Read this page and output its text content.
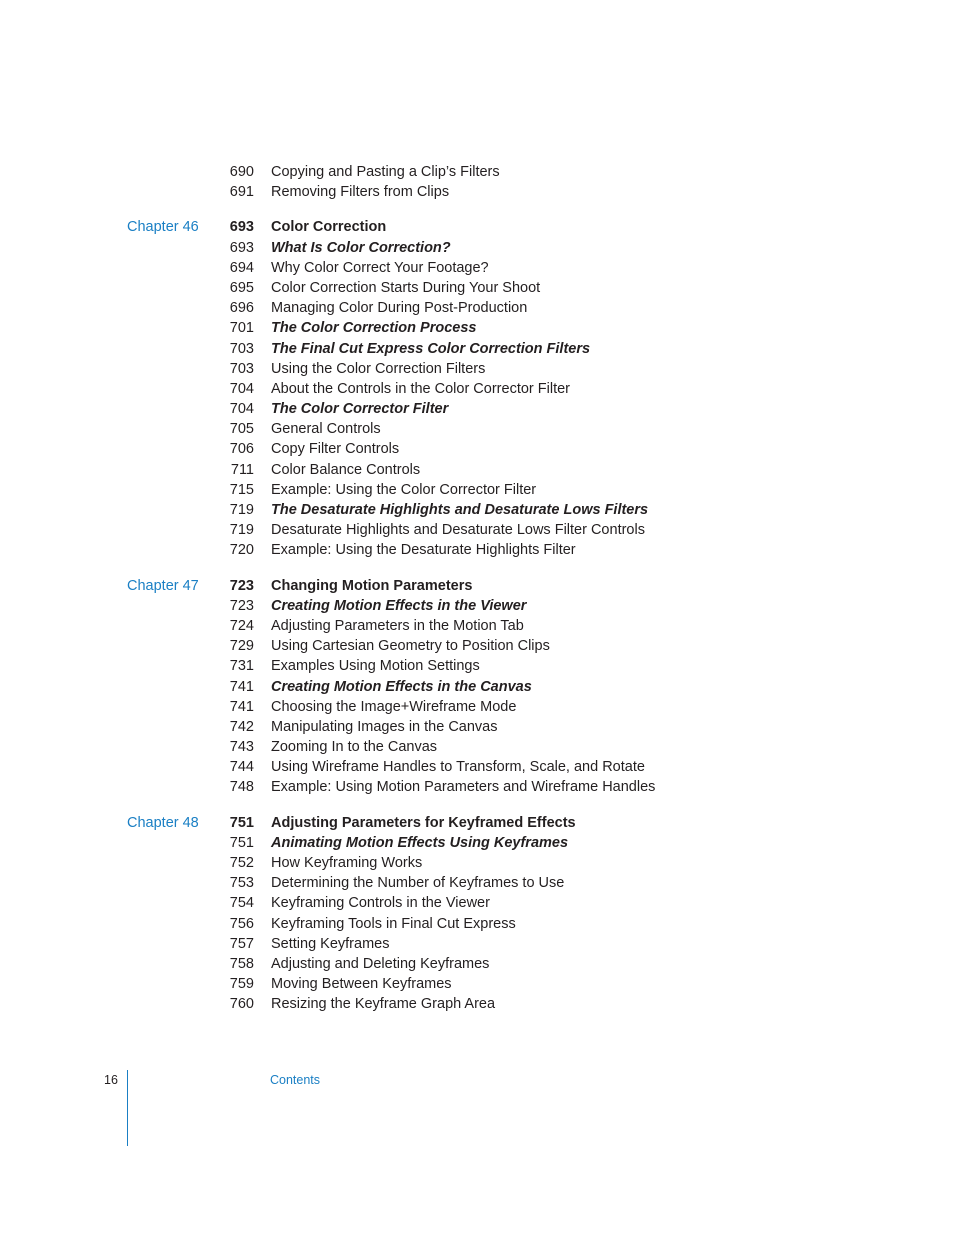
690 Copying and Pasting a Clip’s Filters
691 Removing Filters from Clips
Chapter 46 693 Color Correction
693 What Is Color Correction?
694 Why Color Correct Your Footage?
695 Color Correction Starts During Your Shoot
696 Managing Color During Post-Production
701 The Color Correction Process
703 The Final Cut Express Color Correction Filters
703 Using the Color Correction Filters
704 About the Controls in the Color Corrector Filter
704 The Color Corrector Filter
705 General Controls
706 Copy Filter Controls
711 Color Balance Controls
715 Example: Using the Color Corrector Filter
719 The Desaturate Highlights and Desaturate Lows Filters
719 Desaturate Highlights and Desaturate Lows Filter Controls
720 Example: Using the Desaturate Highlights Filter
Chapter 47 723 Changing Motion Parameters
723 Creating Motion Effects in the Viewer
724 Adjusting Parameters in the Motion Tab
729 Using Cartesian Geometry to Position Clips
731 Examples Using Motion Settings
741 Creating Motion Effects in the Canvas
741 Choosing the Image+Wireframe Mode
742 Manipulating Images in the Canvas
743 Zooming In to the Canvas
744 Using Wireframe Handles to Transform, Scale, and Rotate
748 Example: Using Motion Parameters and Wireframe Handles
Chapter 48 751 Adjusting Parameters for Keyframed Effects
751 Animating Motion Effects Using Keyframes
752 How Keyframing Works
753 Determining the Number of Keyframes to Use
754 Keyframing Controls in the Viewer
756 Keyframing Tools in Final Cut Express
757 Setting Keyframes
758 Adjusting and Deleting Keyframes
759 Moving Between Keyframes
760 Resizing the Keyframe Graph Area
16	Contents
